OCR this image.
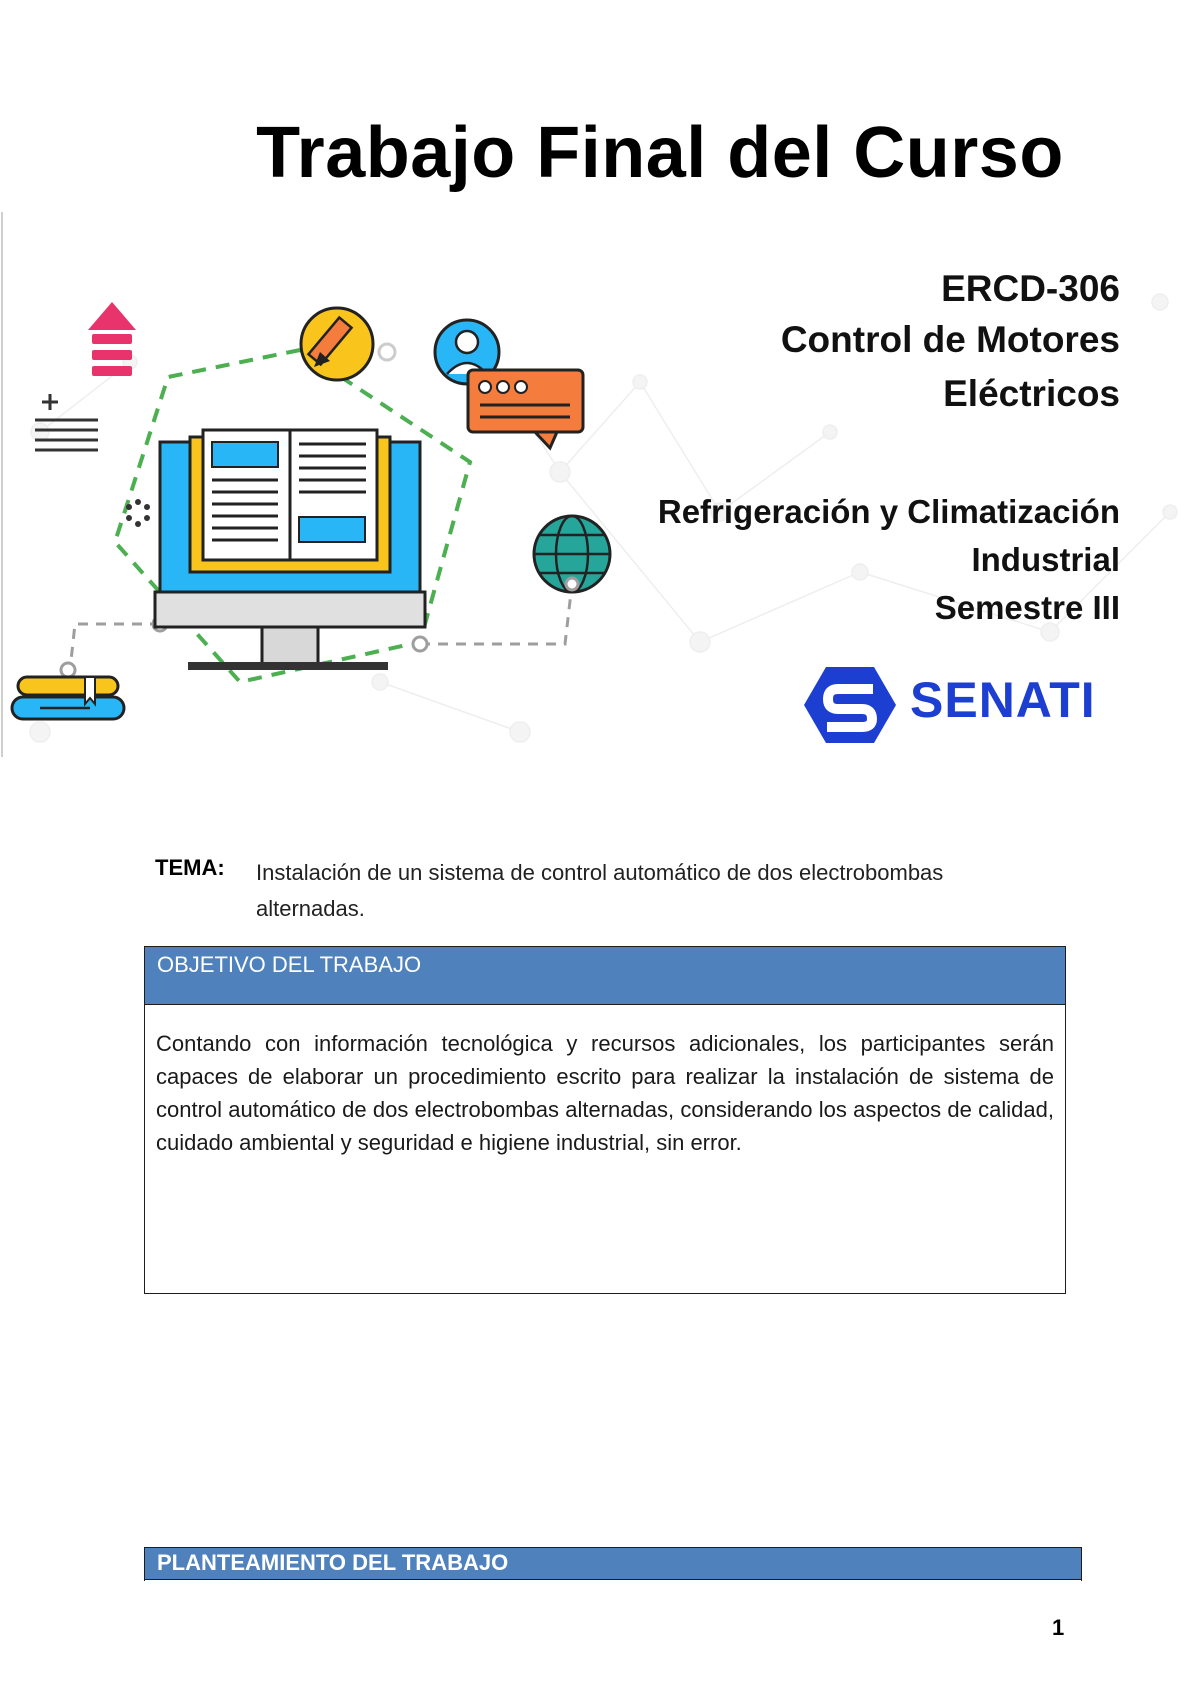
Trabajo Final del Curso
ERCD-306
Control de Motores
Eléctricos
Refrigeración y Climatización
Industrial
Semestre III
SENATI
TEMA: Instalación de un sistema de control automático de dos electrobombas alternadas.
OBJETIVO DEL TRABAJO
Contando con información tecnológica y recursos adicionales, los participantes serán capaces de elaborar un procedimiento escrito para realizar la instalación de sistema de control automático de dos electrobombas alternadas, considerando los aspectos de calidad, cuidado ambiental y seguridad e higiene industrial, sin error.
PLANTEAMIENTO DEL TRABAJO
1
